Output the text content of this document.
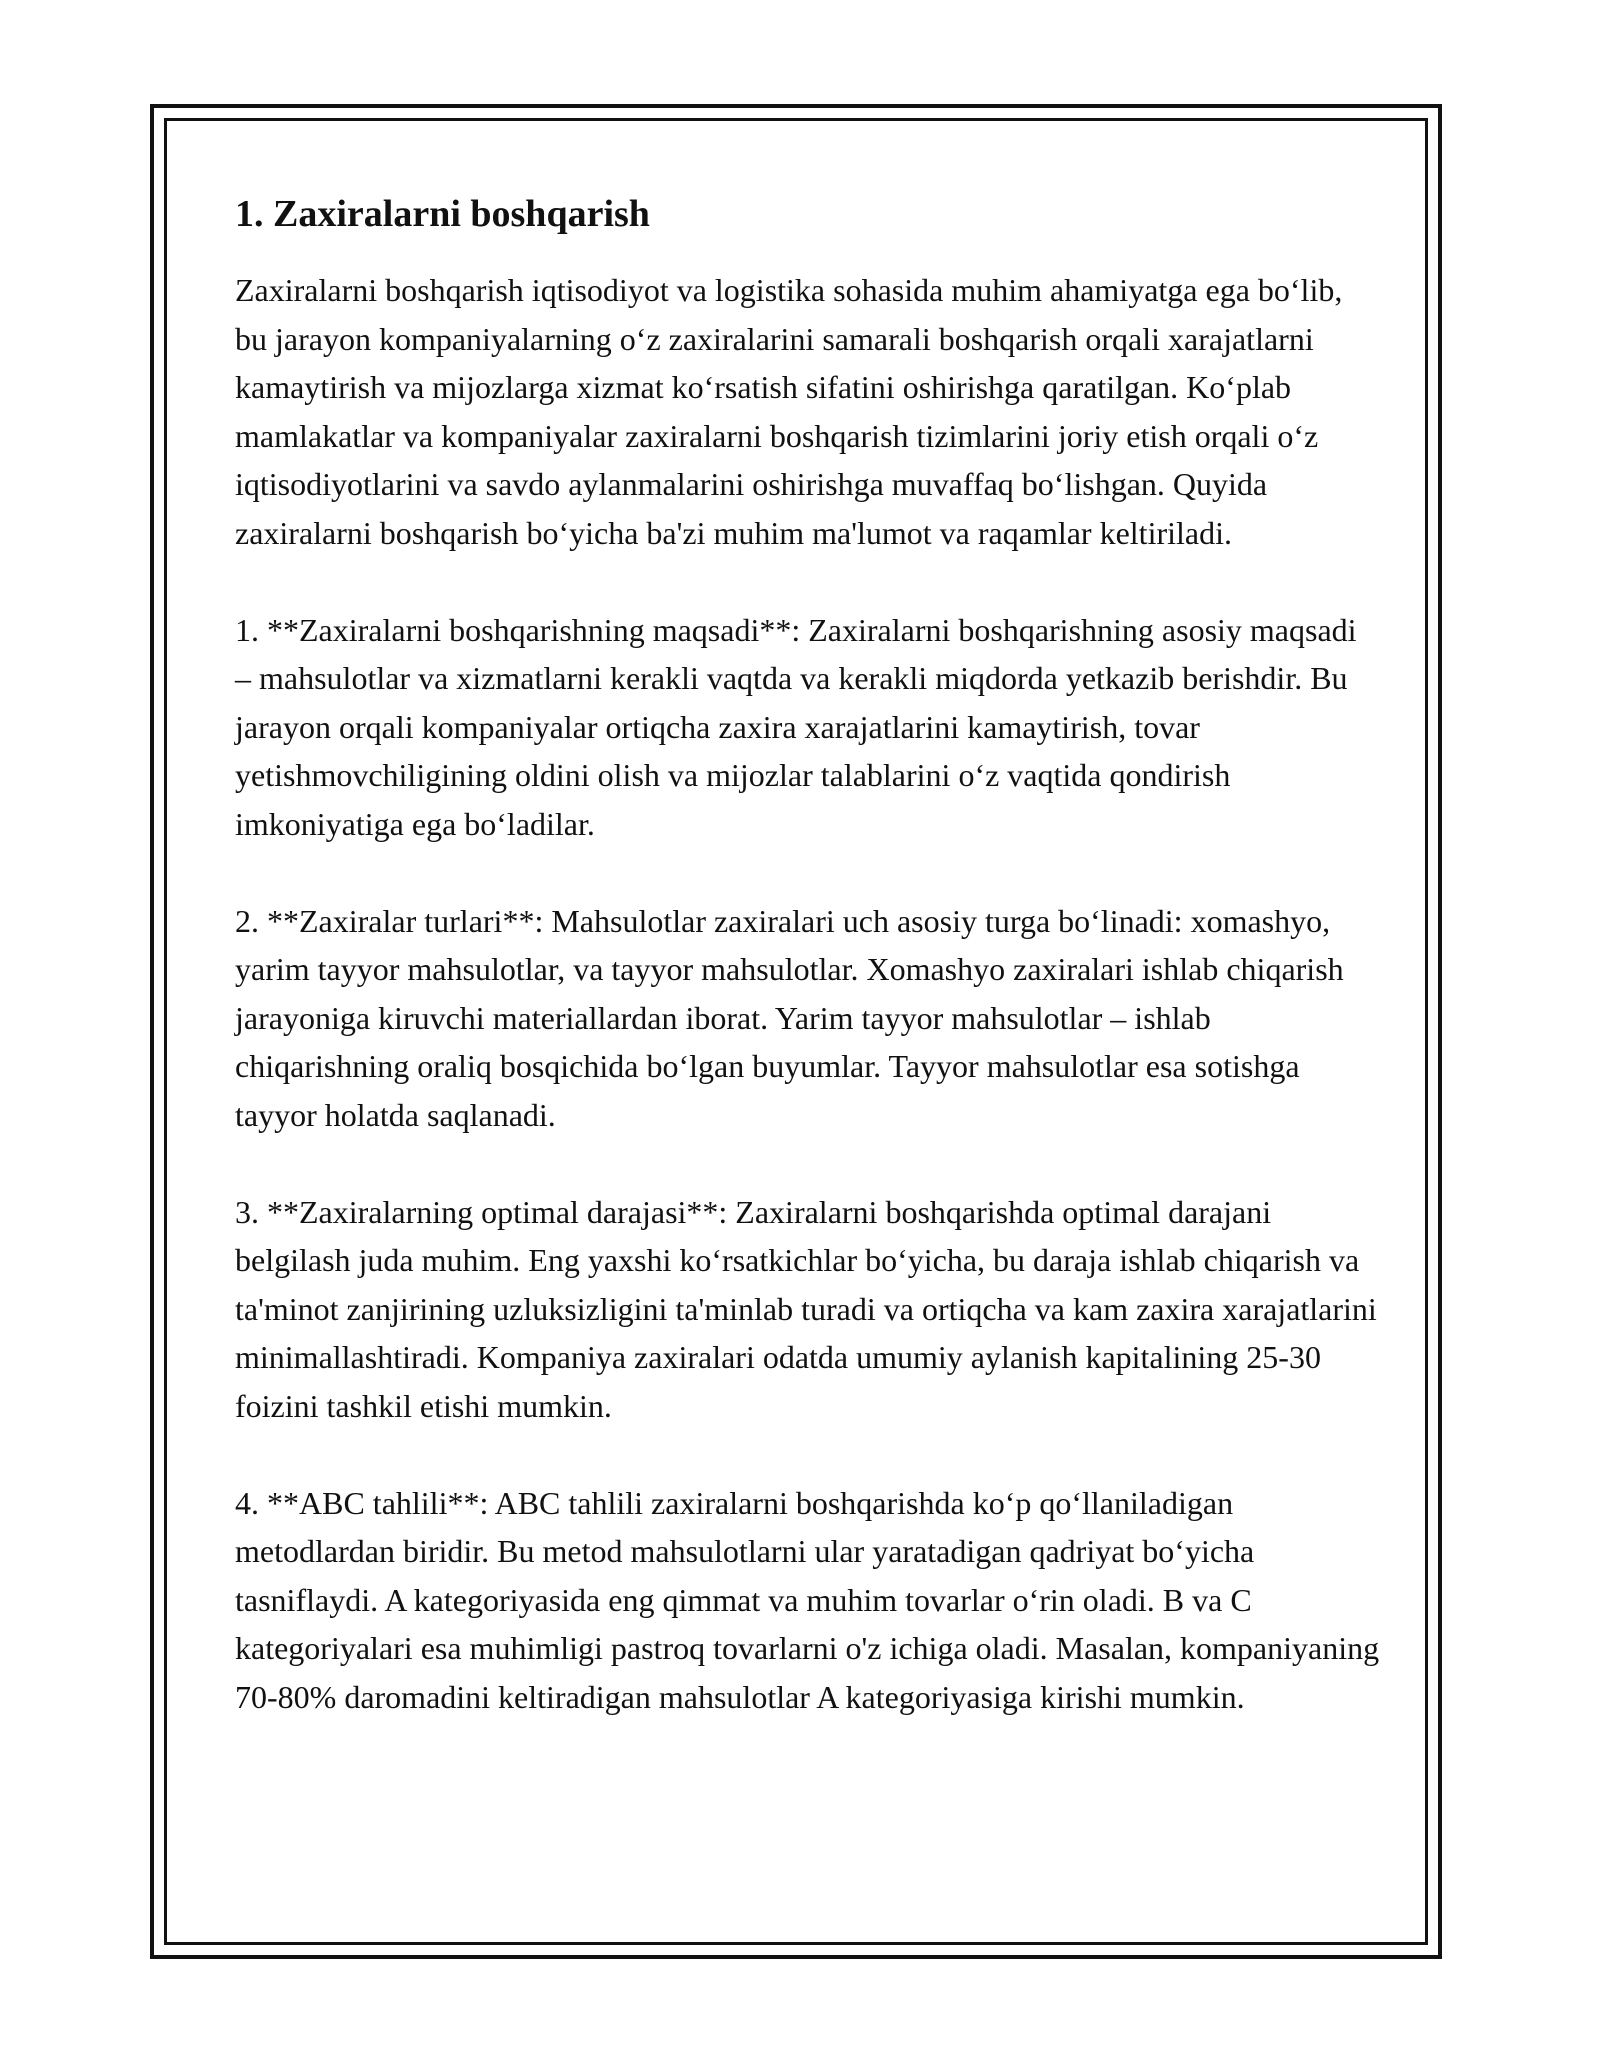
1. Zaxiralarni boshqarish

Zaxiralarni boshqarish iqtisodiyot va logistika sohasida muhim ahamiyatga ega bo‘lib, bu jarayon kompaniyalarning o‘z zaxiralarini samarali boshqarish orqali xarajatlarni kamaytirish va mijozlarga xizmat ko‘rsatish sifatini oshirishga qaratilgan. Ko‘plab mamlakatlar va kompaniyalar zaxiralarni boshqarish tizimlarini joriy etish orqali o‘z iqtisodiyotlarini va savdo aylanmalarini oshirishga muvaffaq bo‘lishgan. Quyida zaxiralarni boshqarish bo‘yicha ba'zi muhim ma'lumot va raqamlar keltiriladi.

1. **Zaxiralarni boshqarishning maqsadi**: Zaxiralarni boshqarishning asosiy maqsadi – mahsulotlar va xizmatlarni kerakli vaqtda va kerakli miqdorda yetkazib berishdir. Bu jarayon orqali kompaniyalar ortiqcha zaxira xarajatlarini kamaytirish, tovar yetishmovchiligining oldini olish va mijozlar talablarini o‘z vaqtida qondirish imkoniyatiga ega bo‘ladilar.

2. **Zaxiralar turlari**: Mahsulotlar zaxiralari uch asosiy turga bo‘linadi: xomashyo, yarim tayyor mahsulotlar, va tayyor mahsulotlar. Xomashyo zaxiralari ishlab chiqarish jarayoniga kiruvchi materiallardan iborat. Yarim tayyor mahsulotlar – ishlab chiqarishning oraliq bosqichida bo‘lgan buyumlar. Tayyor mahsulotlar esa sotishga tayyor holatda saqlanadi.

3. **Zaxiralarning optimal darajasi**: Zaxiralarni boshqarishda optimal darajani belgilash juda muhim. Eng yaxshi ko‘rsatkichlar bo‘yicha, bu daraja ishlab chiqarish va ta'minot zanjirining uzluksizligini ta'minlab turadi va ortiqcha va kam zaxira xarajatlarini minimallashtiradi. Kompaniya zaxiralari odatda umumiy aylanish kapitalining 25-30 foizini tashkil etishi mumkin.

4. **ABC tahlili**: ABC tahlili zaxiralarni boshqarishda ko‘p qo‘llaniladigan metodlardan biridir. Bu metod mahsulotlarni ular yaratadigan qadriyat bo‘yicha tasniflaydi. A kategoriyasida eng qimmat va muhim tovarlar o‘rin oladi. B va C kategoriyalari esa muhimligi pastroq tovarlarni o'z ichiga oladi. Masalan, kompaniyaning 70-80% daromadini keltiradigan mahsulotlar A kategoriyasiga kirishi mumkin.
